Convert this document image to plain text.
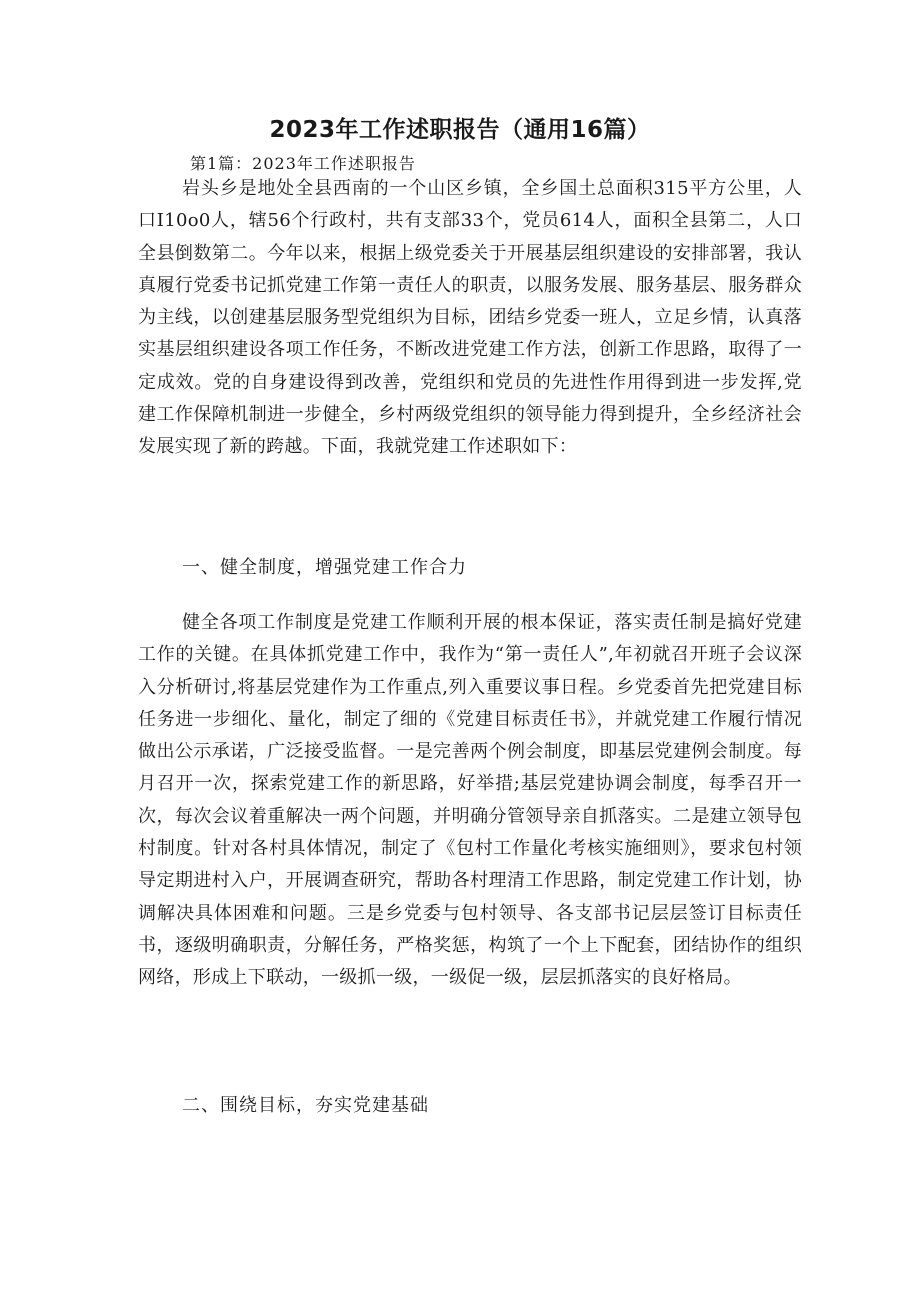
2023年工作述职报告（通用16篇）

第1篇：2023年工作述职报告

岩头乡是地处全县西南的一个山区乡镇，全乡国土总面积315平方公里，人口I10o0人，辖56个行政村，共有支部33个，党员614人，面积全县第二，人口全县倒数第二。今年以来，根据上级党委关于开展基层组织建设的安排部署，我认真履行党委书记抓党建工作第一责任人的职责，以服务发展、服务基层、服务群众为主线，以创建基层服务型党组织为目标，团结乡党委一班人，立足乡情，认真落实基层组织建设各项工作任务，不断改进党建工作方法，创新工作思路，取得了一定成效。党的自身建设得到改善，党组织和党员的先进性作用得到进一步发挥,党建工作保障机制进一步健全，乡村两级党组织的领导能力得到提升，全乡经济社会发展实现了新的跨越。下面，我就党建工作述职如下：

一、健全制度，增强党建工作合力

健全各项工作制度是党建工作顺利开展的根本保证，落实责任制是搞好党建工作的关键。在具体抓党建工作中，我作为“第一责任人”,年初就召开班子会议深入分析研讨,将基层党建作为工作重点,列入重要议事日程。乡党委首先把党建目标任务进一步细化、量化，制定了细的《党建目标责任书》，并就党建工作履行情况做出公示承诺，广泛接受监督。一是完善两个例会制度，即基层党建例会制度。每月召开一次，探索党建工作的新思路，好举措;基层党建协调会制度，每季召开一次，每次会议着重解决一两个问题，并明确分管领导亲自抓落实。二是建立领导包村制度。针对各村具体情况，制定了《包村工作量化考核实施细则》，要求包村领导定期进村入户，开展调查研究，帮助各村理清工作思路，制定党建工作计划，协调解决具体困难和问题。三是乡党委与包村领导、各支部书记层层签订目标责任书，逐级明确职责，分解任务，严格奖惩，构筑了一个上下配套，团结协作的组织网络，形成上下联动，一级抓一级，一级促一级，层层抓落实的良好格局。

二、围绕目标，夯实党建基础
